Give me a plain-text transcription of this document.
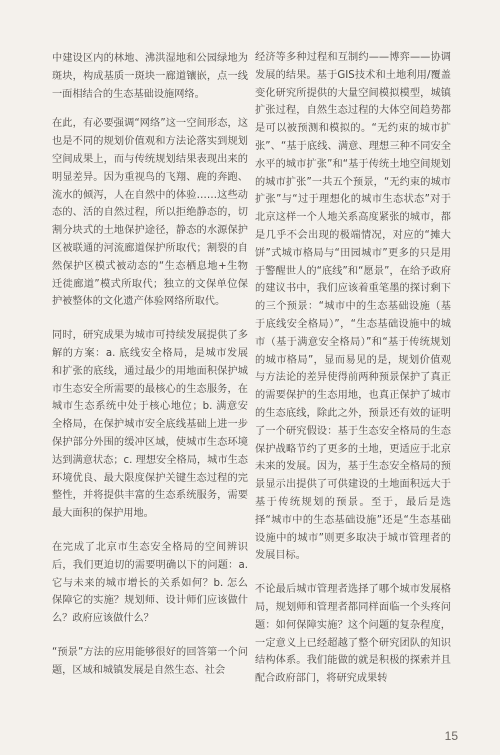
中建设区内的林地、沸洪湿地和公园绿地为斑块，构成基质一斑块一廊道镶嵌，点一线一面相结合的生态基础设施网络。

在此，有必要强调“网络”这一空间形态，这也是不同的规划价值观和方法论落实到规划空间成果上，而与传统规划结果表现出来的明显差异。因为重视鸟的飞翔、鹿的奔跑、流水的倾泻，人在自然中的体验……这些动态的、活的自然过程，所以拒绝静态的，切割分块式的土地保护途径，静态的水源保护区被联通的河流廊道保护所取代；割裂的自然保护区模式被动态的“生态栖息地+生物迁徙廊道”模式所取代；独立的文保单位保护被整体的文化遗产体验网络所取代。

同时，研究成果为城市可持续发展提供了多解的方案：a. 底线安全格局，是城市发展和扩张的底线，通过最少的用地面积保护城市生态安全所需要的最核心的生态服务，在城市生态系统中处于核心地位；b. 满意安全格局，在保护城市安全底线基础上进一步保护部分外围的缓冲区域，使城市生态环境达到满意状态；c. 理想安全格局，城市生态环境优良、最大限度保护关键生态过程的完整性，并将提供丰富的生态系统服务，需要最大面积的保护用地。

在完成了北京市生态安全格局的空间辨识后，我们更迫切的需要明确以下的问题：a.它与未来的城市增长的关系如何？b. 怎么保障它的实施？规划师、设计师们应该做什么？政府应该做什么？

“预景”方法的应用能够很好的回答第一个问题，区域和城镇发展是自然生态、社会

经济等多种过程和互制约——博弈——协调发展的结果。基于GIS技术和土地利用/覆盖变化研究所提供的大量空间模拟模型，城镇扩张过程，自然生态过程的大体空间趋势都是可以被预测和模拟的。“无约束的城市扩张”、“基于底线、满意、理想三种不同安全水平的城市扩张”和“基于传统土地空间规划的城市扩张”一共五个预景，“无约束的城市扩张”与“过于理想化的城市生态状态”对于北京这样一个人地关系高度紧张的城市，都是几乎不会出现的极端情况，对应的“摊大饼”式城市格局与“田园城市”更多的只是用于警醒世人的“底线”和“愿景”，在给予政府的建议书中，我们应该着重笔墨的探讨剩下的三个预景：“城市中的生态基础设施（基于底线安全格局）”，“生态基础设施中的城市（基于满意安全格局）”和“基于传统规划的城市格局”，显而易见的是，规划价值观与方法论的差异使得前两种预景保护了真正的需要保护的生态用地，也真正保护了城市的生态底线，除此之外，预景还有效的证明了一个研究假设：基于生态安全格局的生态保护战略节约了更多的土地，更适应于北京未来的发展。因为，基于生态安全格局的预景显示出提供了可供建设的土地面积远大于基于传统规划的预景。至于，最后是选择“城市中的生态基础设施”还是“生态基础设施中的城市”则更多取决于城市管理者的发展目标。

不论最后城市管理者选择了哪个城市发展格局，规划师和管理者都同样面临一个头疼问题：如何保障实施？这个问题的复杂程度，一定意义上已经超越了整个研究团队的知识结构体系。我们能做的就是积极的探索并且配合政府部门，将研究成果转

15
